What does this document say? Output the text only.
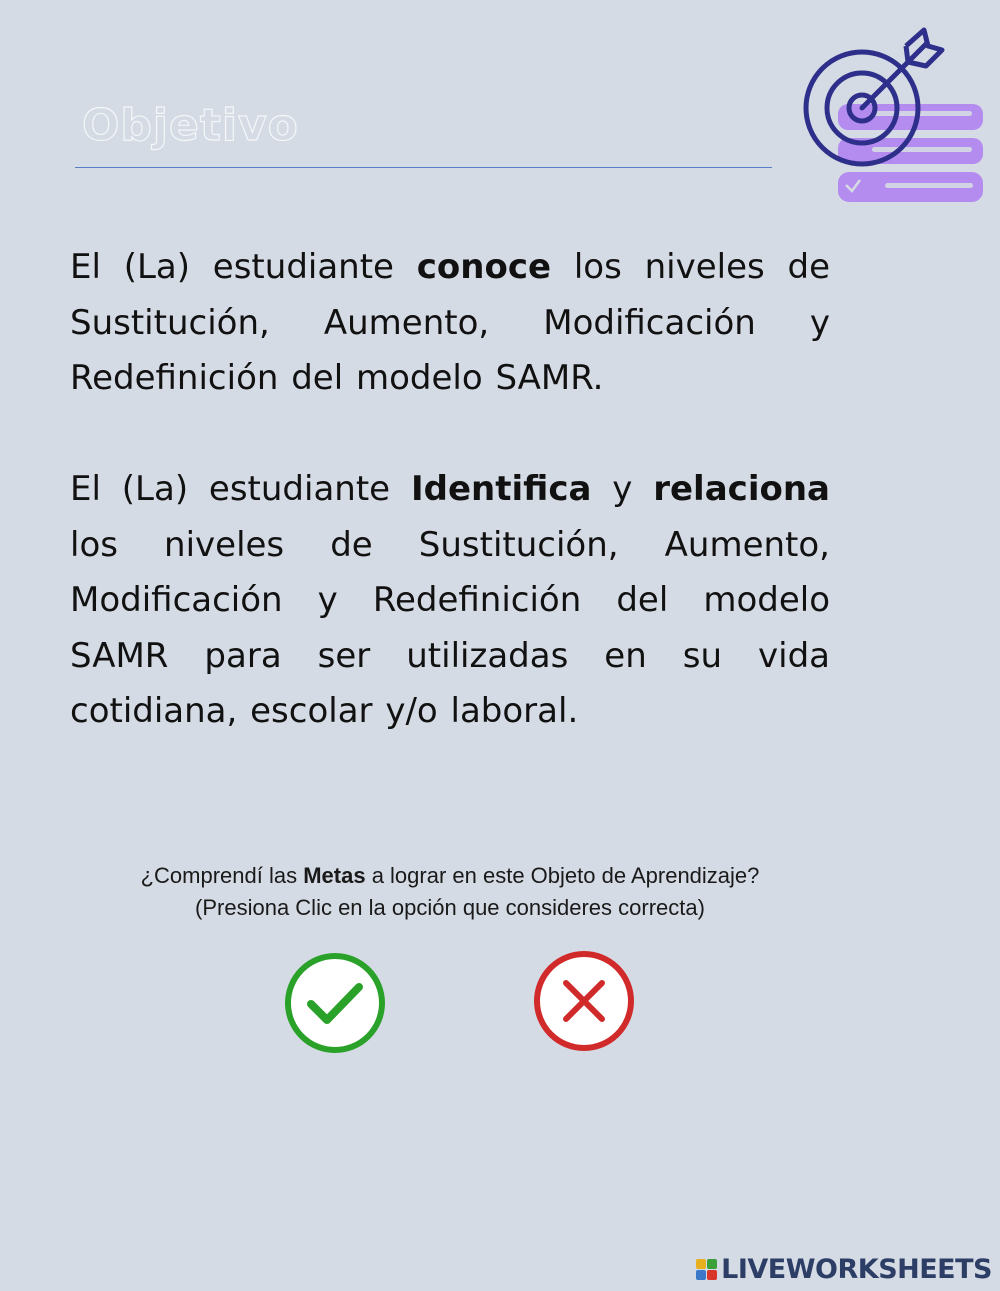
Objetivo
El (La) estudiante conoce los niveles de Sustitución, Aumento, Modificación y Redefinición del modelo SAMR.
El (La) estudiante Identifica y relaciona los niveles de Sustitución, Aumento, Modificación y Redefinición del modelo SAMR para ser utilizadas en su vida cotidiana, escolar y/o laboral.
¿Comprendí las Metas a lograr en este Objeto de Aprendizaje?
(Presiona Clic en la opción que consideres correcta)
LIVEWORKSHEETS
